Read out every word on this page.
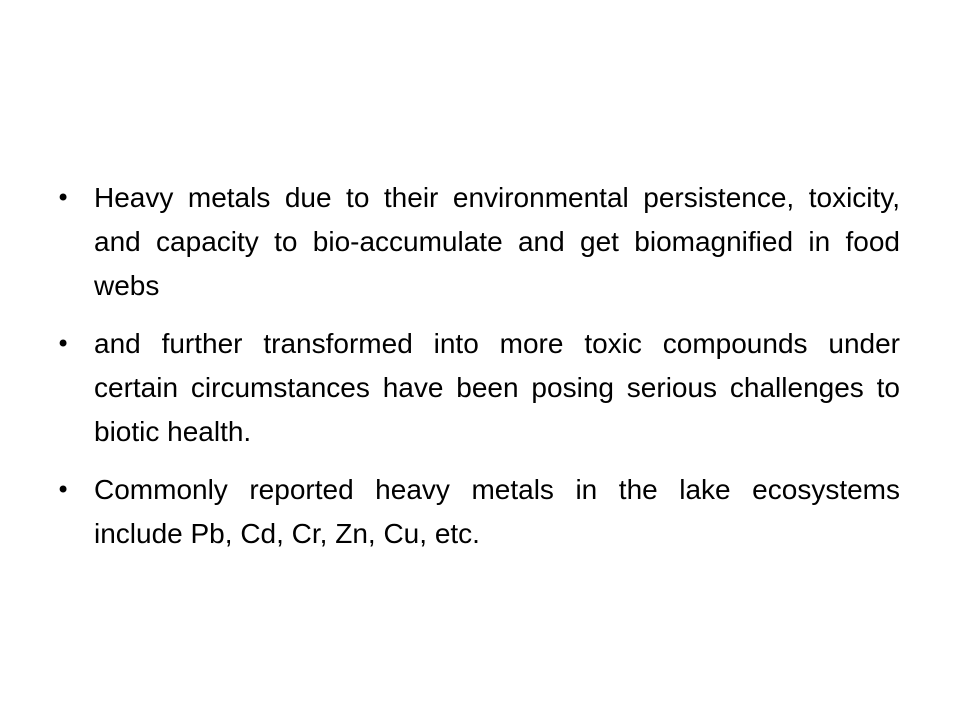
• Heavy metals due to their environmental persistence, toxicity, and capacity to bio-accumulate and get biomagnified in food webs
• and further transformed into more toxic compounds under certain circumstances have been posing serious challenges to biotic health.
• Commonly reported heavy metals in the lake ecosystems include Pb, Cd, Cr, Zn, Cu, etc.
